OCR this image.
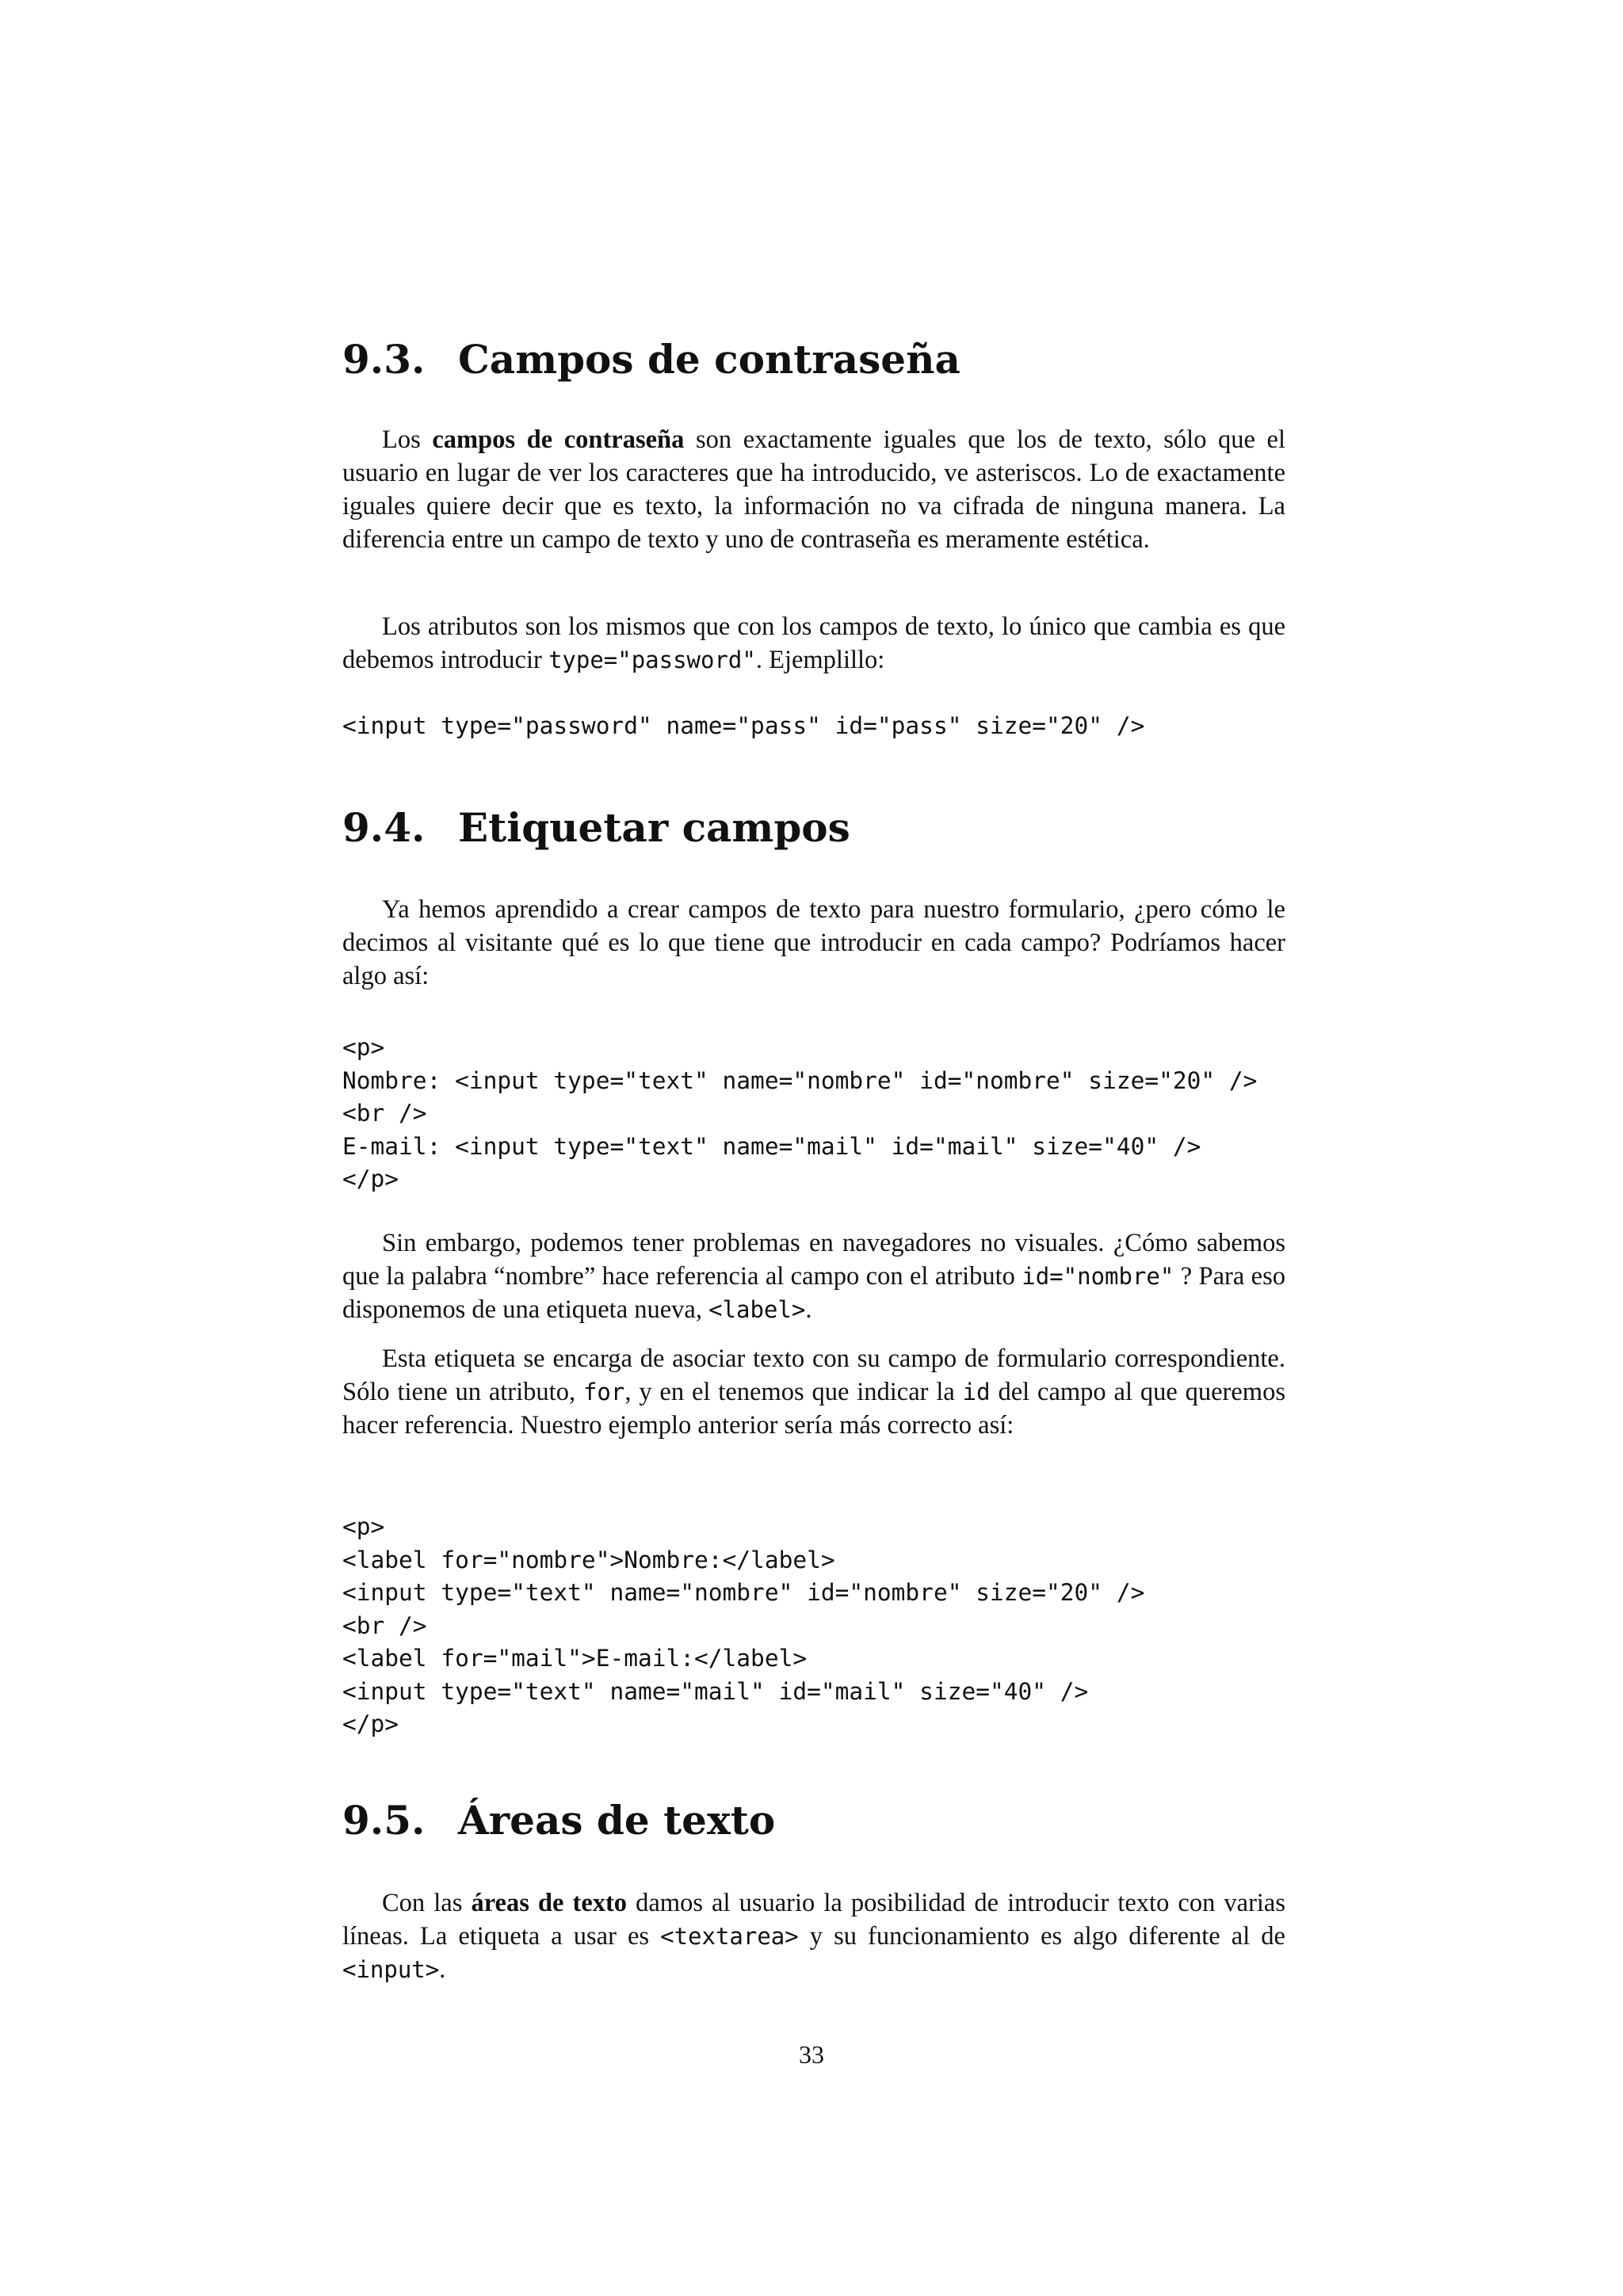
9.3. Campos de contraseña

Los campos de contraseña son exactamente iguales que los de texto, sólo que el usuario en lugar de ver los caracteres que ha introducido, ve asteriscos. Lo de exactamente iguales quiere decir que es texto, la información no va cifrada de ninguna manera. La diferencia entre un campo de texto y uno de contraseña es meramente estética.

Los atributos son los mismos que con los campos de texto, lo único que cambia es que debemos introducir type="password". Ejemplillo:

<input type="password" name="pass" id="pass" size="20" />
9.4. Etiquetar campos

Ya hemos aprendido a crear campos de texto para nuestro formulario, ¿pero cómo le decimos al visitante qué es lo que tiene que introducir en cada campo? Podríamos hacer algo así:

<p>
Nombre: <input type="text" name="nombre" id="nombre" size="20" />
<br />
E-mail: <input type="text" name="mail" id="mail" size="40" />
</p>

Sin embargo, podemos tener problemas en navegadores no visuales. ¿Cómo sabemos que la palabra “nombre” hace referencia al campo con el atributo id="nombre" ? Para eso disponemos de una etiqueta nueva, <label>.

Esta etiqueta se encarga de asociar texto con su campo de formulario correspondiente. Sólo tiene un atributo, for, y en el tenemos que indicar la id del campo al que queremos hacer referencia. Nuestro ejemplo anterior sería más correcto así:

<p>
<label for="nombre">Nombre:</label>
<input type="text" name="nombre" id="nombre" size="20" />
<br />
<label for="mail">E-mail:</label>
<input type="text" name="mail" id="mail" size="40" />
</p>
9.5. Áreas de texto

Con las áreas de texto damos al usuario la posibilidad de introducir texto con varias líneas. La etiqueta a usar es <textarea> y su funcionamiento es algo diferente al de <input>.

33
